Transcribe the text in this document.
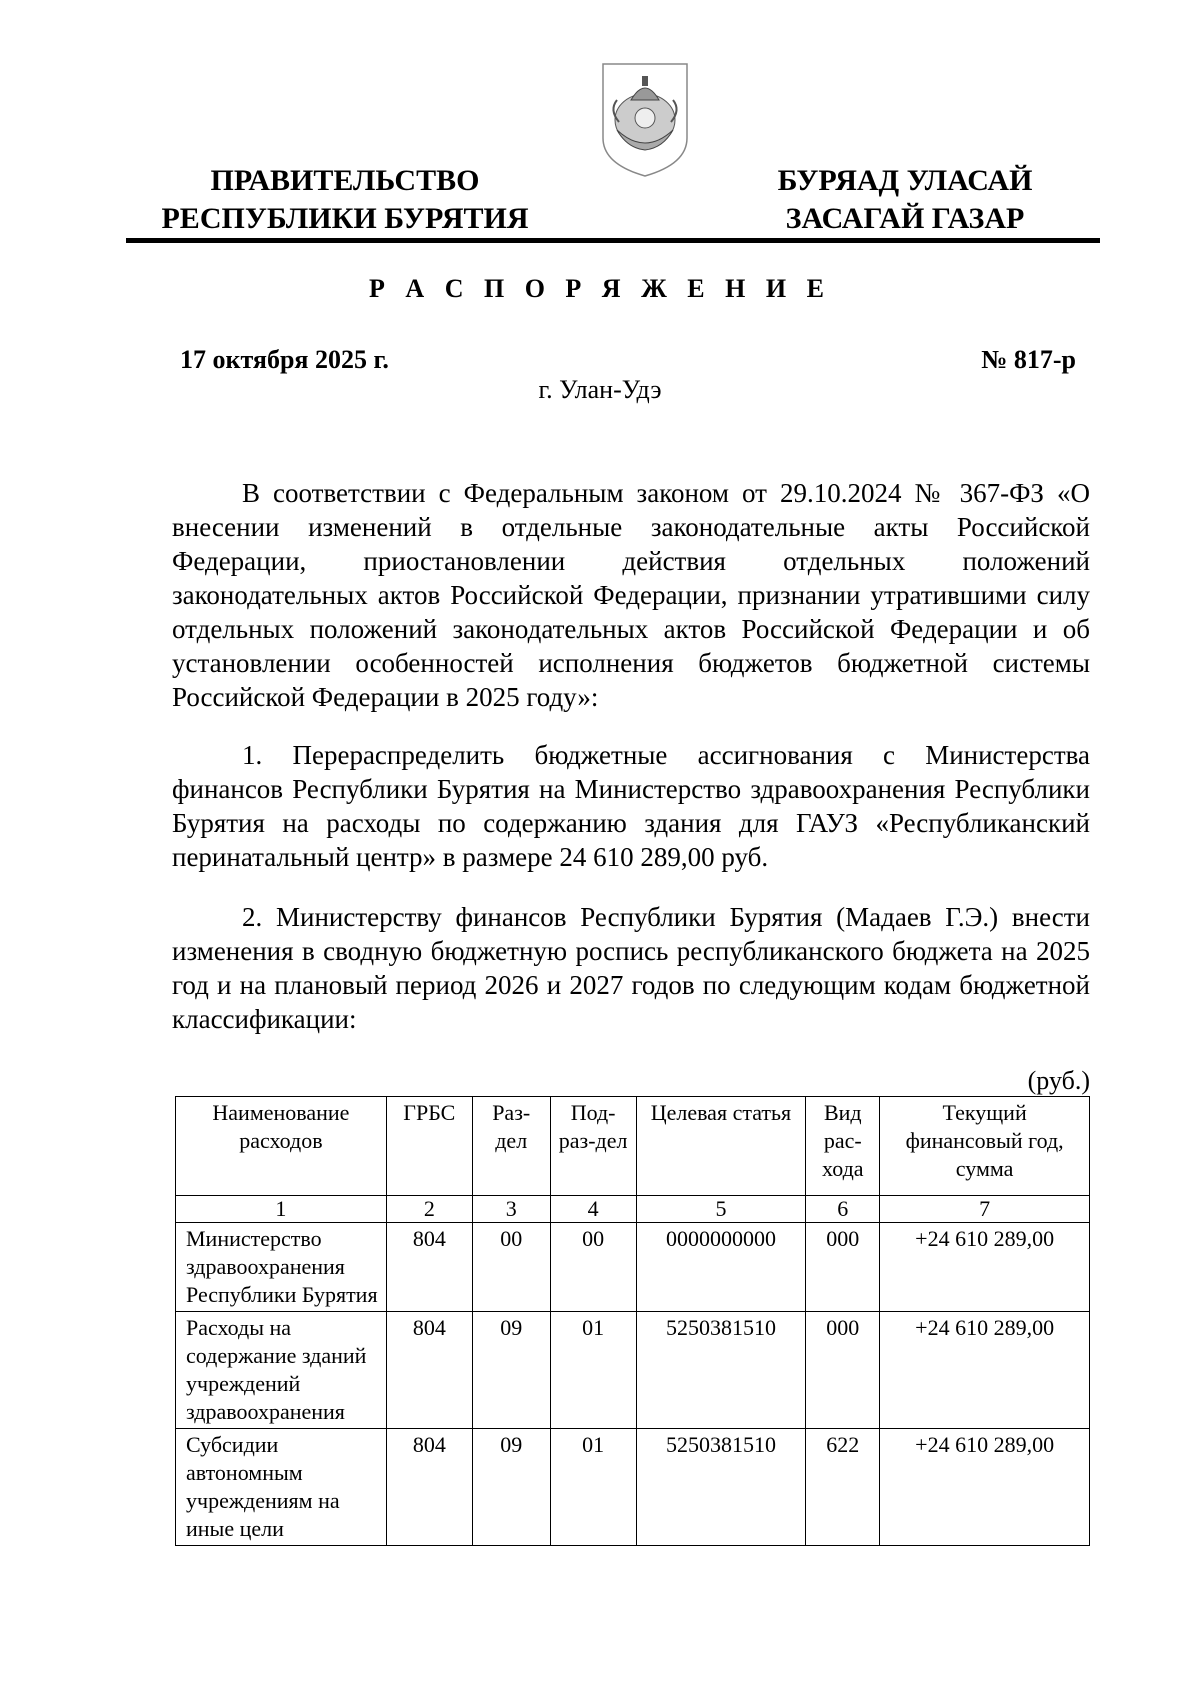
ПРАВИТЕЛЬСТВО
РЕСПУБЛИКИ БУРЯТИЯ
БУРЯАД УЛАСАЙ
ЗАСАГАЙ ГАЗАР
Р А С П О Р Я Ж Е Н И Е
17 октября 2025 г.	№ 817-р
г. Улан-Удэ

В соответствии с Федеральным законом от 29.10.2024 № 367-ФЗ «О внесении изменений в отдельные законодательные акты Российской Федерации, приостановлении действия отдельных положений законодательных актов Российской Федерации, признании утратившими силу отдельных положений законодательных актов Российской Федерации и об установлении особенностей исполнения бюджетов бюджетной системы Российской Федерации в 2025 году»:

1. Перераспределить бюджетные ассигнования с Министерства финансов Республики Бурятия на Министерство здравоохранения Республики Бурятия на расходы по содержанию здания для ГАУЗ «Республиканский перинатальный центр» в размере 24 610 289,00 руб.

2. Министерству финансов Республики Бурятия (Мадаев Г.Э.) внести изменения в сводную бюджетную роспись республиканского бюджета на 2025 год и на плановый период 2026 и 2027 годов по следующим кодам бюджетной классификации:

(руб.)
Наименование расходов	ГРБС	Раз-дел	Под-раз-дел	Целевая статья	Вид рас-хода	Текущий финансовый год, сумма
1	2	3	4	5	6	7
Министерство здравоохранения Республики Бурятия	804	00	00	0000000000	000	+24 610 289,00
Расходы на содержание зданий учреждений здравоохранения	804	09	01	5250381510	000	+24 610 289,00
Субсидии автономным учреждениям на иные цели	804	09	01	5250381510	622	+24 610 289,00
